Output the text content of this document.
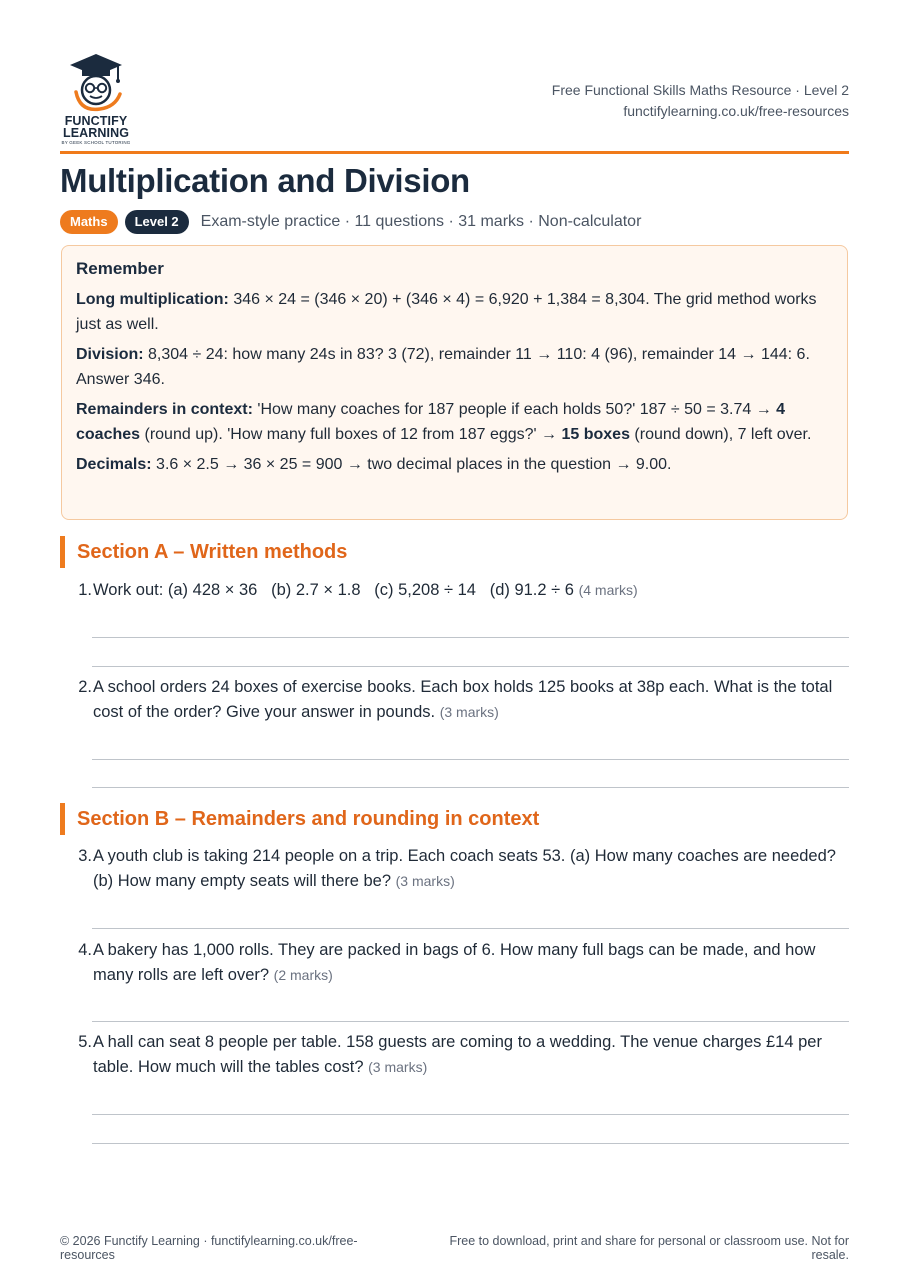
FUNCTIFY
LEARNING
BY GEEK SCHOOL TUTORING
Free Functional Skills Maths Resource · Level 2
functifylearning.co.uk/free-resources
Multiplication and Division
Maths	Level 2	Exam-style practice · 11 questions · 31 marks · Non-calculator
Remember

Long multiplication: 346 × 24 = (346 × 20) + (346 × 4) = 6,920 + 1,384 = 8,304. The grid method works just as well.

Division: 8,304 ÷ 24: how many 24s in 83? 3 (72), remainder 11 → 110: 4 (96), remainder 14 → 144: 6. Answer 346.

Remainders in context: 'How many coaches for 187 people if each holds 50?' 187 ÷ 50 = 3.74 → 4 coaches (round up). 'How many full boxes of 12 from 187 eggs?' → 15 boxes (round down), 7 left over.

Decimals: 3.6 × 2.5 → 36 × 25 = 900 → two decimal places in the question → 9.00.

Section A – Written methods
1. Work out: (a) 428 × 36   (b) 2.7 × 1.8   (c) 5,208 ÷ 14   (d) 91.2 ÷ 6 (4 marks)
2. A school orders 24 boxes of exercise books. Each box holds 125 books at 38p each. What is the total cost of the order? Give your answer in pounds. (3 marks)
Section B – Remainders and rounding in context
3. A youth club is taking 214 people on a trip. Each coach seats 53. (a) How many coaches are needed? (b) How many empty seats will there be? (3 marks)
4. A bakery has 1,000 rolls. They are packed in bags of 6. How many full bags can be made, and how many rolls are left over? (2 marks)
5. A hall can seat 8 people per table. 158 guests are coming to a wedding. The venue charges £14 per table. How much will the tables cost? (3 marks)
© 2026 Functify Learning · functifylearning.co.uk/free-resources
Free to download, print and share for personal or classroom use. Not for resale.
